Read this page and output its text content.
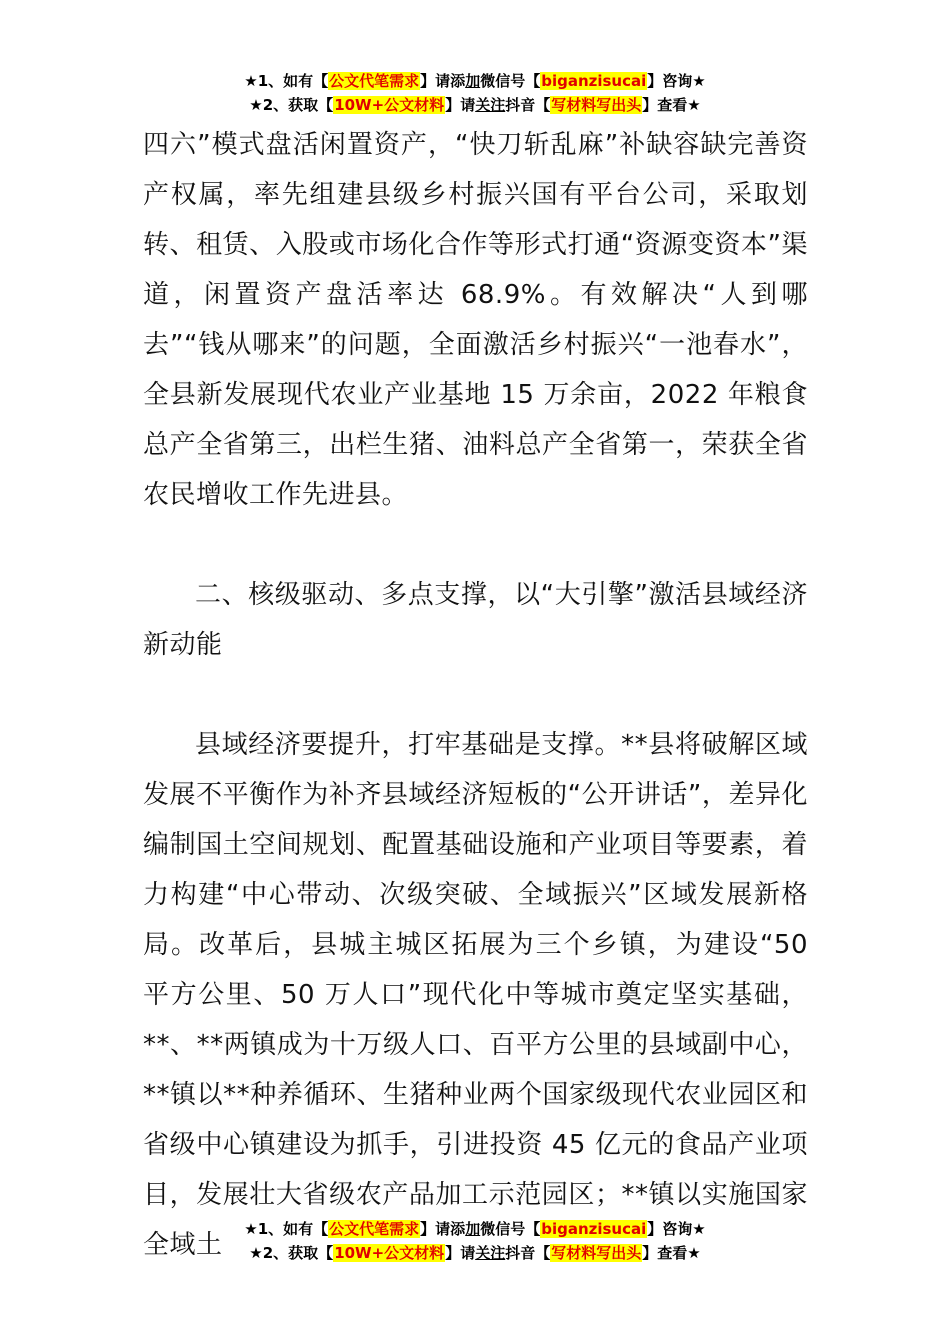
★1、如有【公文代笔需求】请添加微信号【biganzisucai】咨询★
★2、获取【10W+公文材料】请关注抖音【写材料写出头】查看★

四六”模式盘活闲置资产，“快刀斩乱麻”补缺容缺完善资产权属，率先组建县级乡村振兴国有平台公司，采取划转、租赁、入股或市场化合作等形式打通“资源变资本”渠道，闲置资产盘活率达 68.9%。有效解决“人到哪去”“钱从哪来”的问题，全面激活乡村振兴“一池春水”，全县新发展现代农业产业基地 15 万余亩，2022 年粮食总产全省第三，出栏生猪、油料总产全省第一，荣获全省农民增收工作先进县。

二、核级驱动、多点支撑，以“大引擎”激活县域经济新动能

县域经济要提升，打牢基础是支撑。**县将破解区域发展不平衡作为补齐县域经济短板的“公开讲话”，差异化编制国土空间规划、配置基础设施和产业项目等要素，着力构建“中心带动、次级突破、全域振兴”区域发展新格局。改革后，县城主城区拓展为三个乡镇，为建设“50 平方公里、50 万人口”现代化中等城市奠定坚实基础，**、**两镇成为十万级人口、百平方公里的县域副中心，**镇以**种养循环、生猪种业两个国家级现代农业园区和省级中心镇建设为抓手，引进投资 45 亿元的食品产业项目，发展壮大省级农产品加工示范园区；**镇以实施国家全域土

★1、如有【公文代笔需求】请添加微信号【biganzisucai】咨询★
★2、获取【10W+公文材料】请关注抖音【写材料写出头】查看★
